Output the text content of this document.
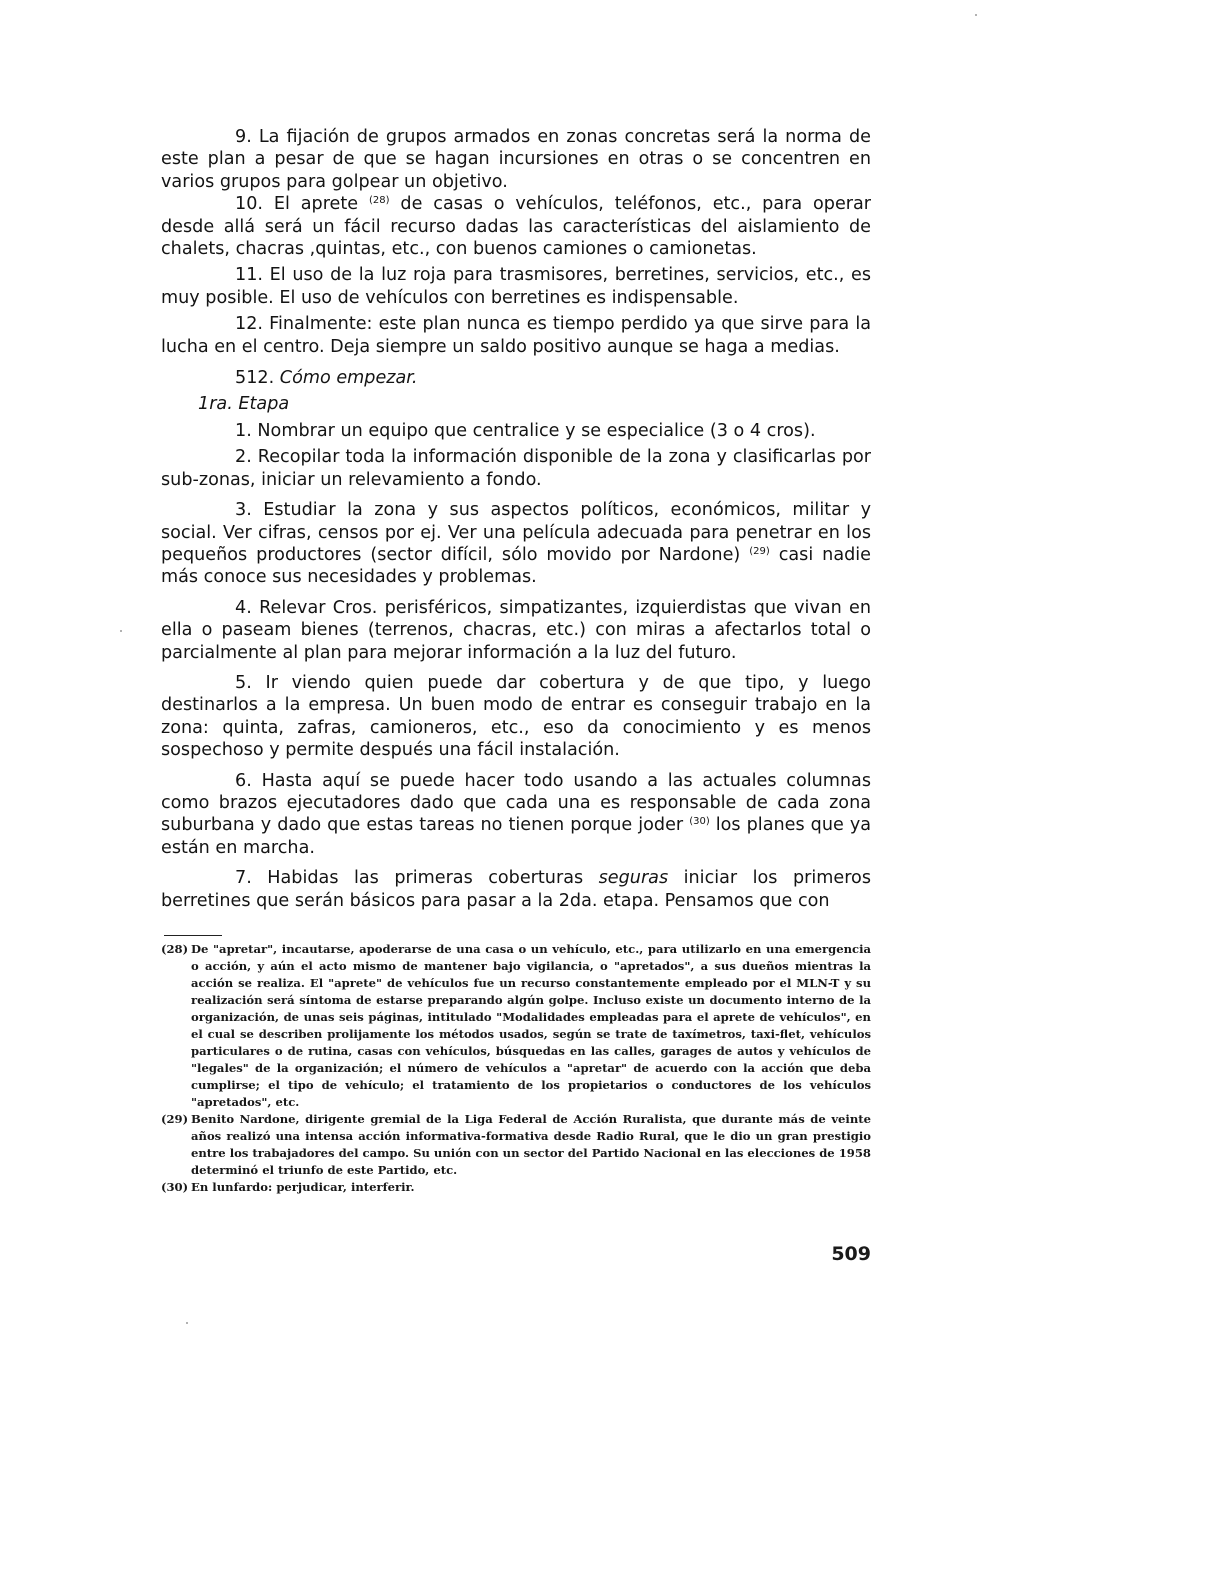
9. La fijación de grupos armados en zonas concretas será la norma de este plan a pesar de que se hagan incursiones en otras o se concentren en varios grupos para golpear un objetivo.

10. El aprete $^{(28)}$ de casas o vehículos, teléfonos, etc., para operar desde allá será un fácil recurso dadas las características del aislamiento de chalets, chacras ,quintas, etc., con buenos camiones o camionetas.

11. El uso de la luz roja para trasmisores, berretines, servicios, etc., es muy posible. El uso de vehículos con berretines es indispensable.

12. Finalmente: este plan nunca es tiempo perdido ya que sirve para la lucha en el centro. Deja siempre un saldo positivo aunque se haga a medias.

512. Cómo empezar.

1ra. Etapa

1. Nombrar un equipo que centralice y se especialice (3 o 4 cros).

2. Recopilar toda la información disponible de la zona y clasificarlas por sub-zonas, iniciar un relevamiento a fondo.

3. Estudiar la zona y sus aspectos políticos, económicos, militar y social. Ver cifras, censos por ej. Ver una película adecuada para penetrar en los pequeños productores (sector difícil, sólo movido por Nardone) $^{(29)}$ casi nadie más conoce sus necesidades y problemas.

4. Relevar Cros. perisféricos, simpatizantes, izquierdistas que vivan en ella o paseam bienes (terrenos, chacras, etc.) con miras a afectarlos total o parcialmente al plan para mejorar información a la luz del futuro.

5. Ir viendo quien puede dar cobertura y de que tipo, y luego destinarlos a la empresa. Un buen modo de entrar es conseguir trabajo en la zona: quinta, zafras, camioneros, etc., eso da conocimiento y es menos sospechoso y permite después una fácil instalación.

6. Hasta aquí se puede hacer todo usando a las actuales columnas como brazos ejecutadores dado que cada una es responsable de cada zona suburbana y dado que estas tareas no tienen porque joder $^{(30)}$ los planes que ya están en marcha.

7. Habidas las primeras coberturas seguras iniciar los primeros berretines que serán básicos para pasar a la 2da. etapa. Pensamos que con

(28) De "apretar", incautarse, apoderarse de una casa o un vehículo, etc., para utilizarlo en una emergencia o acción, y aún el acto mismo de mantener bajo vigilancia, o "apretados", a sus dueños mientras la acción se realiza. El "aprete" de vehículos fue un recurso constantemente empleado por el MLN-T y su realización será síntoma de estarse preparando algún golpe. Incluso existe un documento interno de la organización, de unas seis páginas, intitulado "Modalidades empleadas para el aprete de vehículos", en el cual se describen prolijamente los métodos usados, según se trate de taxímetros, taxi-flet, vehículos particulares o de rutina, casas con vehículos, búsquedas en las calles, garages de autos y vehículos de "legales" de la organización; el número de vehículos a "apretar" de acuerdo con la acción que deba cumplirse; el tipo de vehículo; el tratamiento de los propietarios o conductores de los vehículos "apretados", etc.
(29) Benito Nardone, dirigente gremial de la Liga Federal de Acción Ruralista, que durante más de veinte años realizó una intensa acción informativa-formativa desde Radio Rural, que le dio un gran prestigio entre los trabajadores del campo. Su unión con un sector del Partido Nacional en las elecciones de 1958 determinó el triunfo de este Partido, etc.
(30) En lunfardo: perjudicar, interferir.
509
